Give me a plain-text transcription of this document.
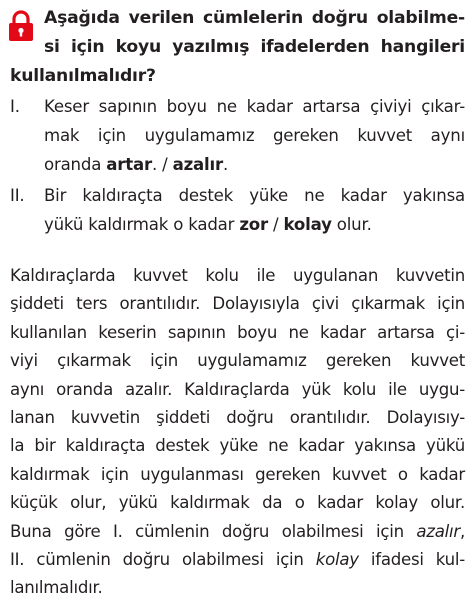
Aşağıda verilen cümlelerin doğru olabilme-
si için koyu yazılmış ifadelerden hangileri
kullanılmalıdır?
I. Keser sapının boyu ne kadar artarsa çiviyi çıkar-
mak için uygulamamız gereken kuvvet aynı
oranda artar. / azalır.
II. Bir kaldıraçta destek yüke ne kadar yakınsa
yükü kaldırmak o kadar zor / kolay olur.
Kaldıraçlarda kuvvet kolu ile uygulanan kuvvetin
şiddeti ters orantılıdır. Dolayısıyla çivi çıkarmak için
kullanılan keserin sapının boyu ne kadar artarsa çi-
viyi çıkarmak için uygulamamız gereken kuvvet
aynı oranda azalır. Kaldıraçlarda yük kolu ile uygu-
lanan kuvvetin şiddeti doğru orantılıdır. Dolayısıy-
la bir kaldıraçta destek yüke ne kadar yakınsa yükü
kaldırmak için uygulanması gereken kuvvet o kadar
küçük olur, yükü kaldırmak da o kadar kolay olur.
Buna göre I. cümlenin doğru olabilmesi için azalır,
II. cümlenin doğru olabilmesi için kolay ifadesi kul-
lanılmalıdır.
